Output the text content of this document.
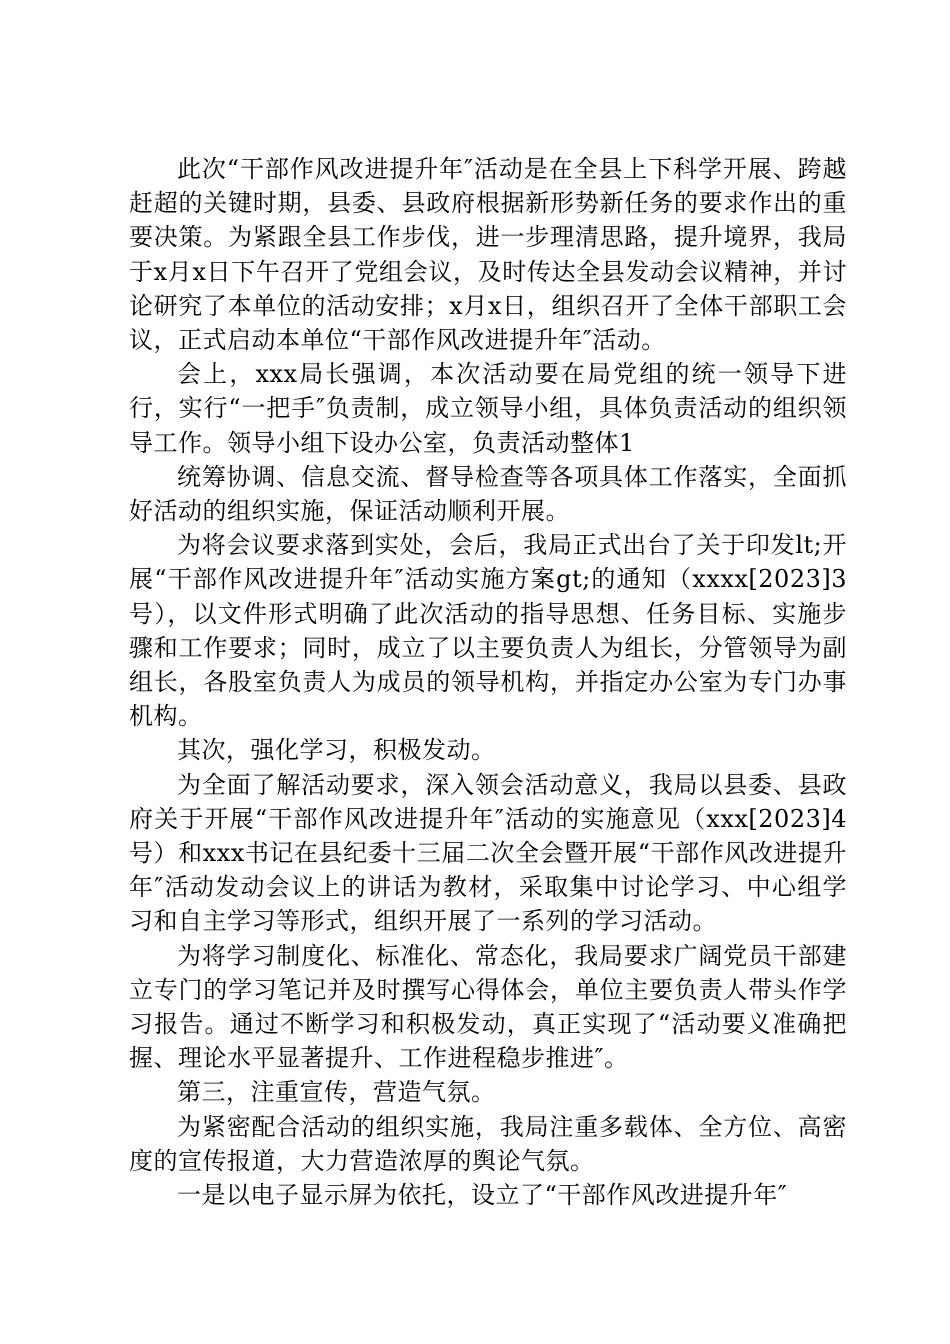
此次“干部作风改进提升年″活动是在全县上下科学开展、跨越赶超的关键时期，县委、县政府根据新形势新任务的要求作出的重要决策。为紧跟全县工作步伐，进一步理清思路，提升境界，我局于x月x日下午召开了党组会议，及时传达全县发动会议精神，并讨论研究了本单位的活动安排；x月x日，组织召开了全体干部职工会议，正式启动本单位“干部作风改进提升年″活动。

会上，xxx局长强调，本次活动要在局党组的统一领导下进行，实行“一把手″负责制，成立领导小组，具体负责活动的组织领导工作。领导小组下设办公室，负责活动整体1

统筹协调、信息交流、督导检查等各项具体工作落实，全面抓好活动的组织实施，保证活动顺利开展。

为将会议要求落到实处，会后，我局正式出台了关于印发lt;开展“干部作风改进提升年″活动实施方案gt;的通知（xxxx[2023]3号），以文件形式明确了此次活动的指导思想、任务目标、实施步骤和工作要求；同时，成立了以主要负责人为组长，分管领导为副组长，各股室负责人为成员的领导机构，并指定办公室为专门办事机构。

其次，强化学习，积极发动。

为全面了解活动要求，深入领会活动意义，我局以县委、县政府关于开展“干部作风改进提升年″活动的实施意见（xxx[2023]4号）和xxx书记在县纪委十三届二次全会暨开展“干部作风改进提升年″活动发动会议上的讲话为教材，采取集中讨论学习、中心组学习和自主学习等形式，组织开展了一系列的学习活动。

为将学习制度化、标准化、常态化，我局要求广阔党员干部建立专门的学习笔记并及时撰写心得体会，单位主要负责人带头作学习报告。通过不断学习和积极发动，真正实现了“活动要义准确把握、理论水平显著提升、工作进程稳步推进″。

第三，注重宣传，营造气氛。

为紧密配合活动的组织实施，我局注重多载体、全方位、高密度的宣传报道，大力营造浓厚的舆论气氛。

一是以电子显示屏为依托，设立了“干部作风改进提升年″
